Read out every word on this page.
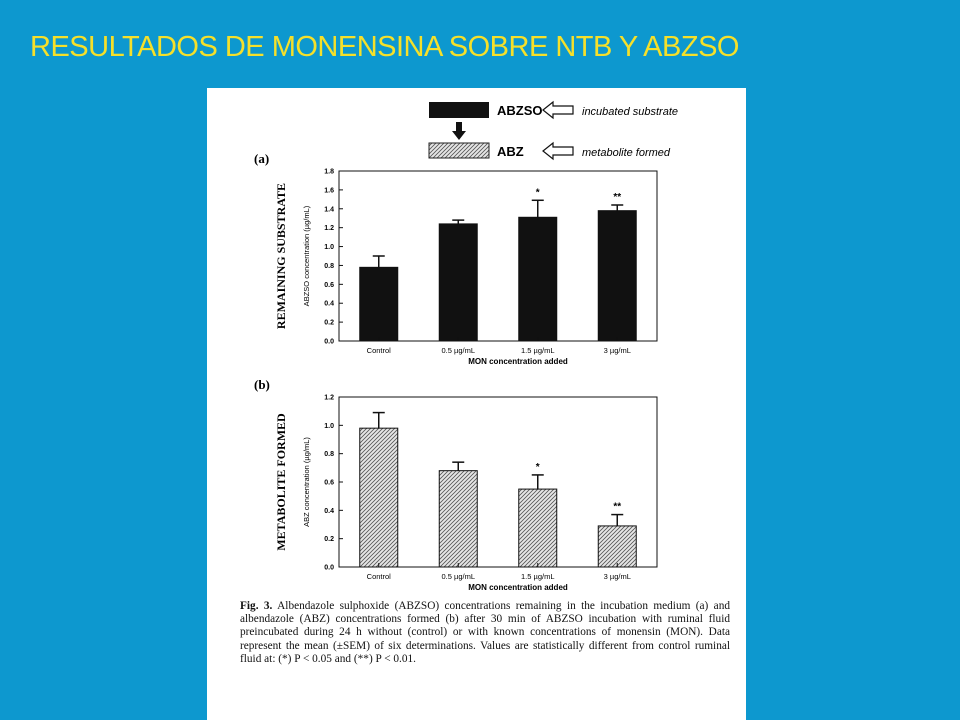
RESULTADOS DE MONENSINA SOBRE NTB Y ABZSO
ABZSO	incubated substrate
ABZ	metabolite formed
(a)
REMAINING SUBSTRATE ABZSO concentration (µg/mL)
0.0
0.2
0.4
0.6
0.8
1.0
1.2
1.4
1.6
1.8
Control	0.5 µg/mL
*
1.5 µg/mL
**
3 µg/mL
MON concentration added
(b)
METABOLITE FORMED ABZ concentration (µg/mL)
0.0
0.2
0.4
0.6
0.8
1.0
1.2
Control	0.5 µg/mL
*
1.5 µg/mL
**
3 µg/mL
MON concentration added
Fig. 3. Albendazole sulphoxide (ABZSO) concentrations remaining in the incubation medium (a) and albendazole (ABZ) concentrations formed (b) after 30 min of ABZSO incubation with ruminal fluid preincubated during 24 h without (control) or with known concentrations of monensin (MON). Data represent the mean (±SEM) of six determinations. Values are statistically different from control ruminal fluid at: (*) P < 0.05 and (**) P < 0.01.
